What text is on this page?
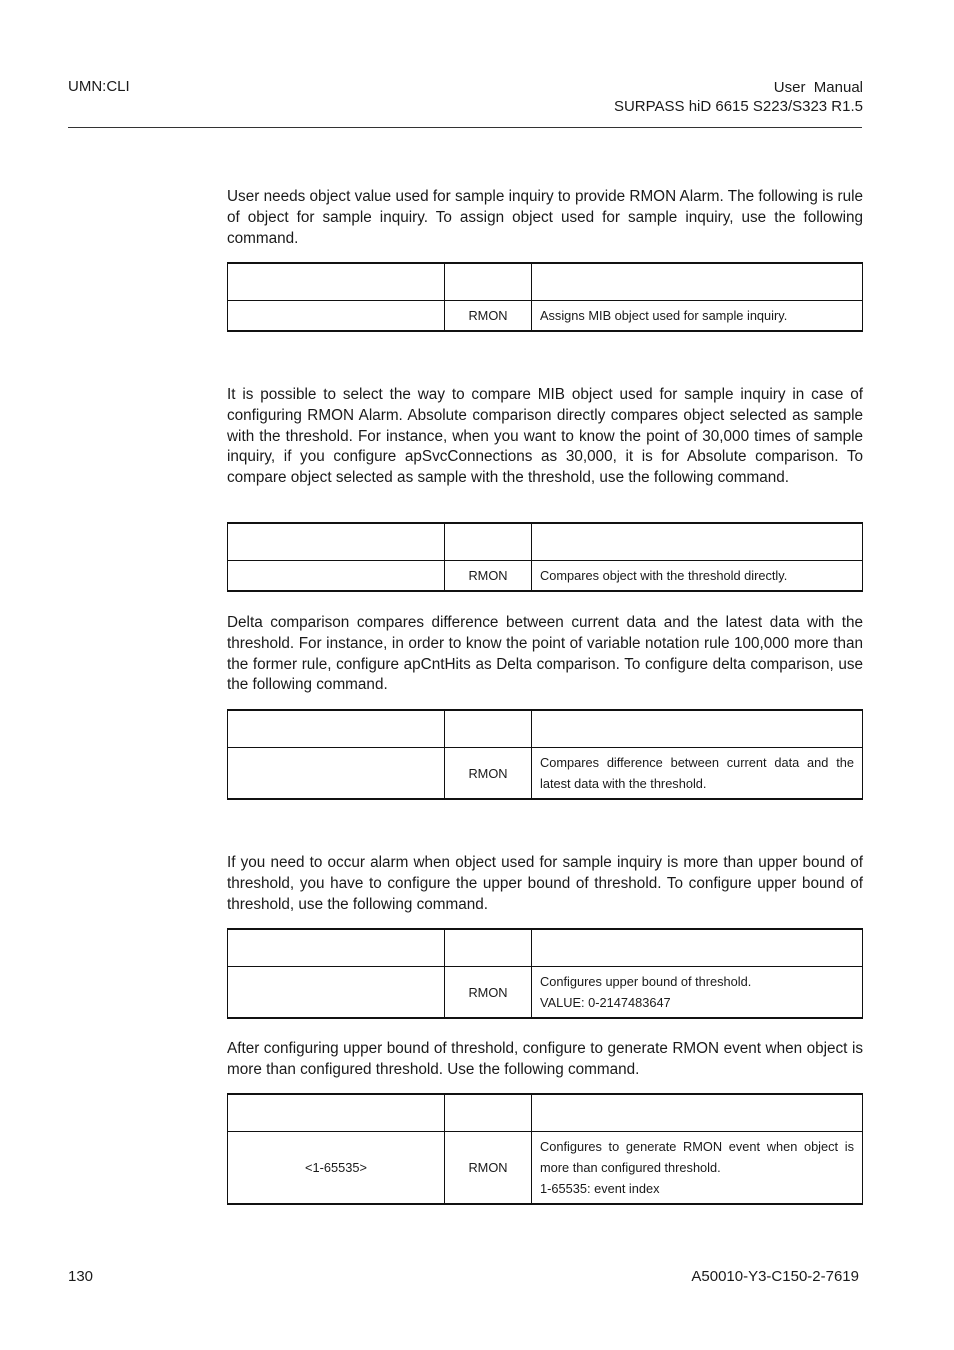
UMN:CLI	User  Manual
SURPASS hiD 6615 S223/S323 R1.5

User needs object value used for sample inquiry to provide RMON Alarm. The following is rule of object for sample inquiry. To assign object used for sample inquiry, use the following command.

	RMON	Assigns MIB object used for sample inquiry.

It is possible to select the way to compare MIB object used for sample inquiry in case of configuring RMON Alarm. Absolute comparison directly compares object selected as sample with the threshold. For instance, when you want to know the point of 30,000 times of sample inquiry, if you configure apSvcConnections as 30,000, it is for Absolute comparison. To compare object selected as sample with the threshold, use the following command.

	RMON	Compares object with the threshold directly.

Delta comparison compares difference between current data and the latest data with the threshold. For instance, in order to know the point of variable notation rule 100,000 more than the former rule, configure apCntHits as Delta comparison. To configure delta comparison, use the following command.

	RMON	Compares difference between current data and the latest data with the threshold.

If you need to occur alarm when object used for sample inquiry is more than upper bound of threshold, you have to configure the upper bound of threshold. To configure upper bound of threshold, use the following command.

	RMON	Configures upper bound of threshold.
VALUE: 0-2147483647

After configuring upper bound of threshold, configure to generate RMON event when object is more than configured threshold. Use the following command.

<1-65535>	RMON	Configures to generate RMON event when object is more than configured threshold.
1-65535: event index
130	A50010-Y3-C150-2-7619
